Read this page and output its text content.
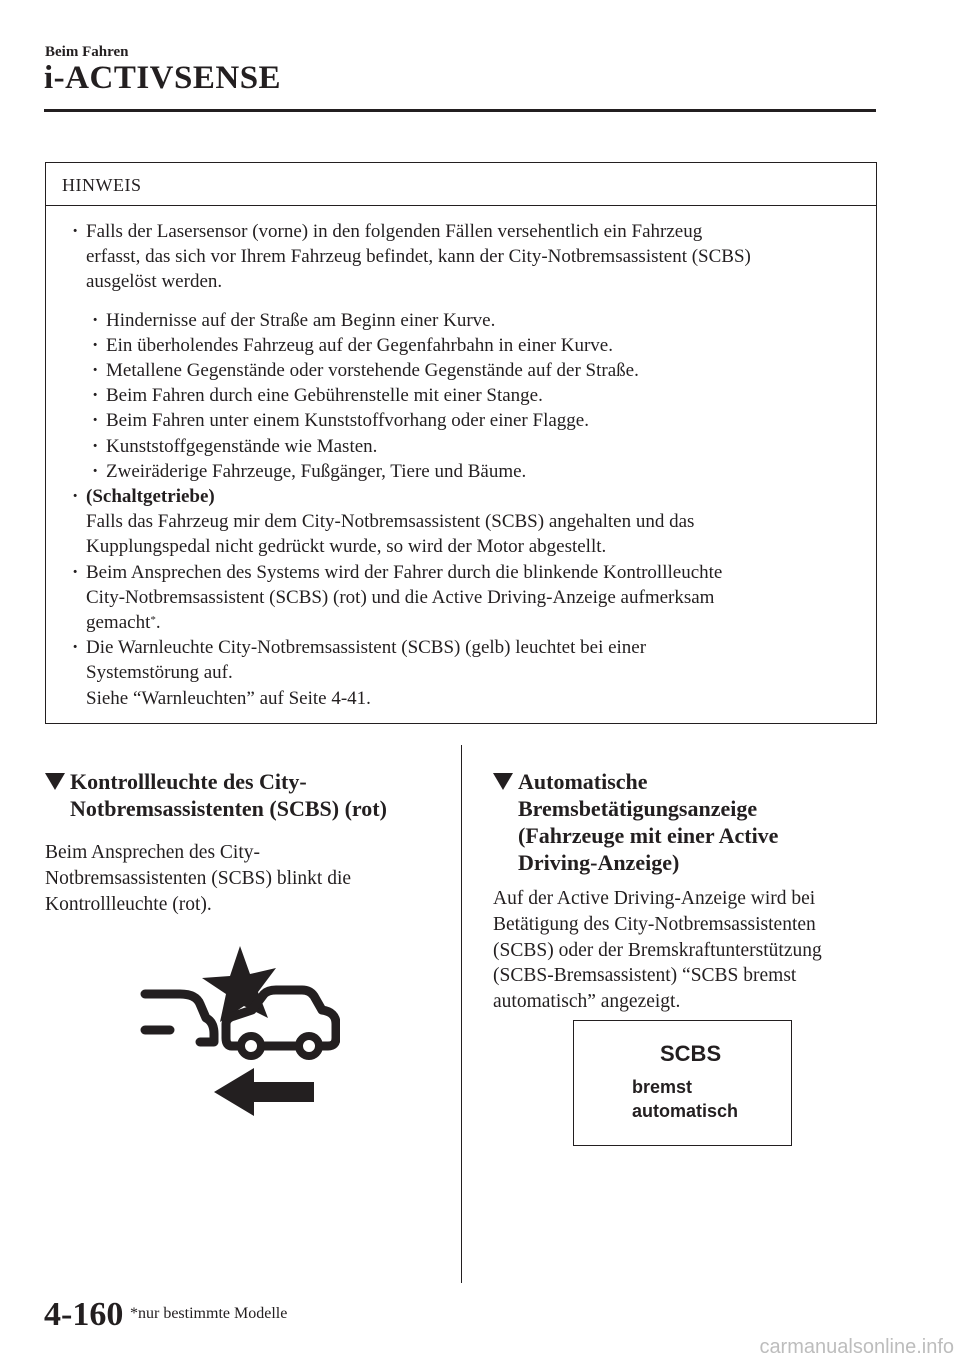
Beim Fahren
i-ACTIVSENSE
HINWEIS
· Falls der Lasersensor (vorne) in den folgenden Fällen versehentlich ein Fahrzeug
erfasst, das sich vor Ihrem Fahrzeug befindet, kann der City-Notbremsassistent (SCBS)
ausgelöst werden.
· Hindernisse auf der Straße am Beginn einer Kurve.
· Ein überholendes Fahrzeug auf der Gegenfahrbahn in einer Kurve.
· Metallene Gegenstände oder vorstehende Gegenstände auf der Straße.
· Beim Fahren durch eine Gebührenstelle mit einer Stange.
· Beim Fahren unter einem Kunststoffvorhang oder einer Flagge.
· Kunststoffgegenstände wie Masten.
· Zweiräderige Fahrzeuge, Fußgänger, Tiere und Bäume.
· (Schaltgetriebe)
Falls das Fahrzeug mir dem City-Notbremsassistent (SCBS) angehalten und das
Kupplungspedal nicht gedrückt wurde, so wird der Motor abgestellt.
· Beim Ansprechen des Systems wird der Fahrer durch die blinkende Kontrollleuchte
City-Notbremsassistent (SCBS) (rot) und die Active Driving-Anzeige aufmerksam
gemacht*.
· Die Warnleuchte City-Notbremsassistent (SCBS) (gelb) leuchtet bei einer
Systemstörung auf.
Siehe “Warnleuchten” auf Seite 4-41.
Kontrollleuchte des City-
Notbremsassistenten (SCBS) (rot)
Beim Ansprechen des City-
Notbremsassistenten (SCBS) blinkt die
Kontrollleuchte (rot).
Automatische
Bremsbetätigungsanzeige
(Fahrzeuge mit einer Active
Driving-Anzeige)
Auf der Active Driving-Anzeige wird bei
Betätigung des City-Notbremsassistenten
(SCBS) oder der Bremskraftunterstützung
(SCBS-Bremsassistent) “SCBS bremst
automatisch” angezeigt.
SCBS
bremst
automatisch
4-160 *nur bestimmte Modelle
carmanualsonline.info
